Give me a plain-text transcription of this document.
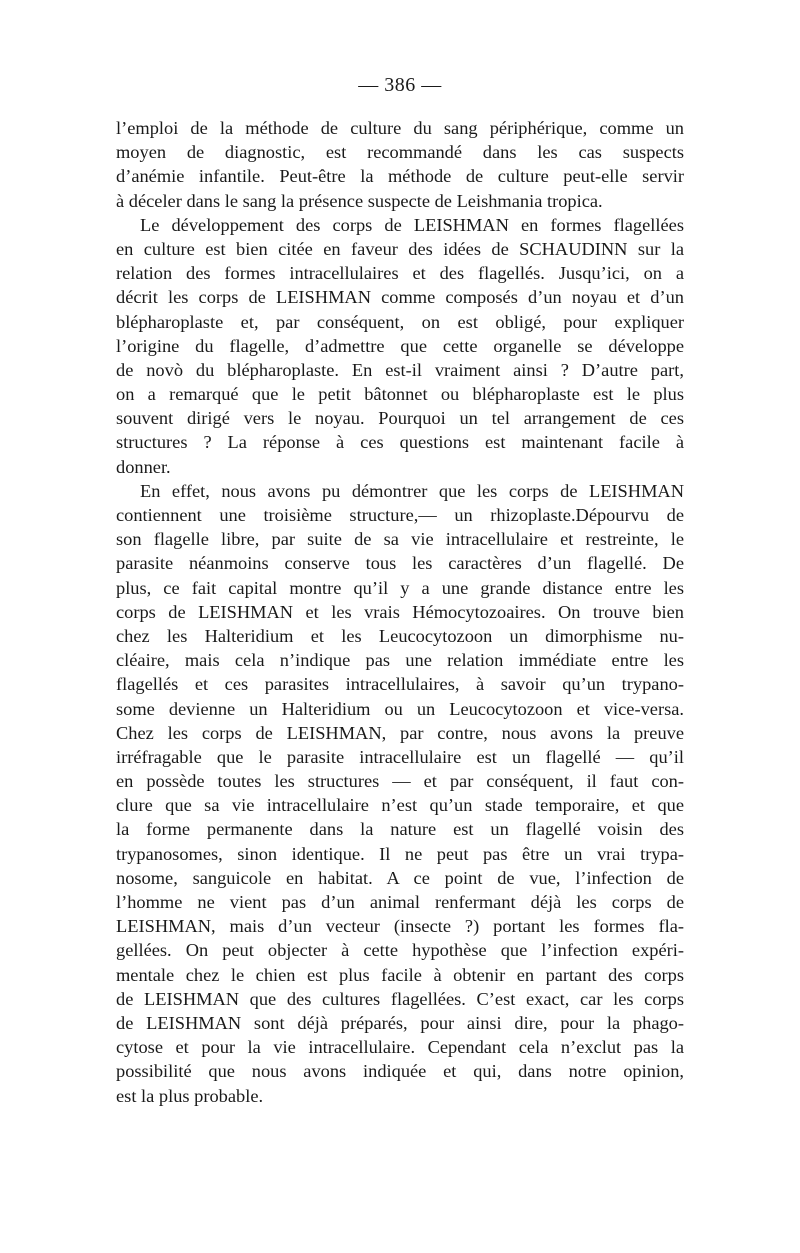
— 386 —
l’emploi de la méthode de culture du sang périphérique, comme un
moyen de diagnostic, est recommandé dans les cas suspects
d’anémie infantile. Peut-être la méthode de culture peut-elle servir
à déceler dans le sang la présence suspecte de Leishmania tropica.
Le développement des corps de LEISHMAN en formes flagellées
en culture est bien citée en faveur des idées de SCHAUDINN sur la
relation des formes intracellulaires et des flagellés. Jusqu’ici, on a
décrit les corps de LEISHMAN comme composés d’un noyau et d’un
blépharoplaste et, par conséquent, on est obligé, pour expliquer
l’origine du flagelle, d’admettre que cette organelle se développe
de novò du blépharoplaste. En est-il vraiment ainsi ? D’autre part,
on a remarqué que le petit bâtonnet ou blépharoplaste est le plus
souvent dirigé vers le noyau. Pourquoi un tel arrangement de ces
structures ? La réponse à ces questions est maintenant facile à
donner.
En effet, nous avons pu démontrer que les corps de LEISHMAN
contiennent une troisième structure,— un rhizoplaste.Dépourvu de
son flagelle libre, par suite de sa vie intracellulaire et restreinte, le
parasite néanmoins conserve tous les caractères d’un flagellé. De
plus, ce fait capital montre qu’il y a une grande distance entre les
corps de LEISHMAN et les vrais Hémocytozoaires. On trouve bien
chez les Halteridium et les Leucocytozoon un dimorphisme nu-
cléaire, mais cela n’indique pas une relation immédiate entre les
flagellés et ces parasites intracellulaires, à savoir qu’un trypano-
some devienne un Halteridium ou un Leucocytozoon et vice-versa.
Chez les corps de LEISHMAN, par contre, nous avons la preuve
irréfragable que le parasite intracellulaire est un flagellé — qu’il
en possède toutes les structures — et par conséquent, il faut con-
clure que sa vie intracellulaire n’est qu’un stade temporaire, et que
la forme permanente dans la nature est un flagellé voisin des
trypanosomes, sinon identique. Il ne peut pas être un vrai trypa-
nosome, sanguicole en habitat. A ce point de vue, l’infection de
l’homme ne vient pas d’un animal renfermant déjà les corps de
LEISHMAN, mais d’un vecteur (insecte ?) portant les formes fla-
gellées. On peut objecter à cette hypothèse que l’infection expéri-
mentale chez le chien est plus facile à obtenir en partant des corps
de LEISHMAN que des cultures flagellées. C’est exact, car les corps
de LEISHMAN sont déjà préparés, pour ainsi dire, pour la phago-
cytose et pour la vie intracellulaire. Cependant cela n’exclut pas la
possibilité que nous avons indiquée et qui, dans notre opinion,
est la plus probable.
